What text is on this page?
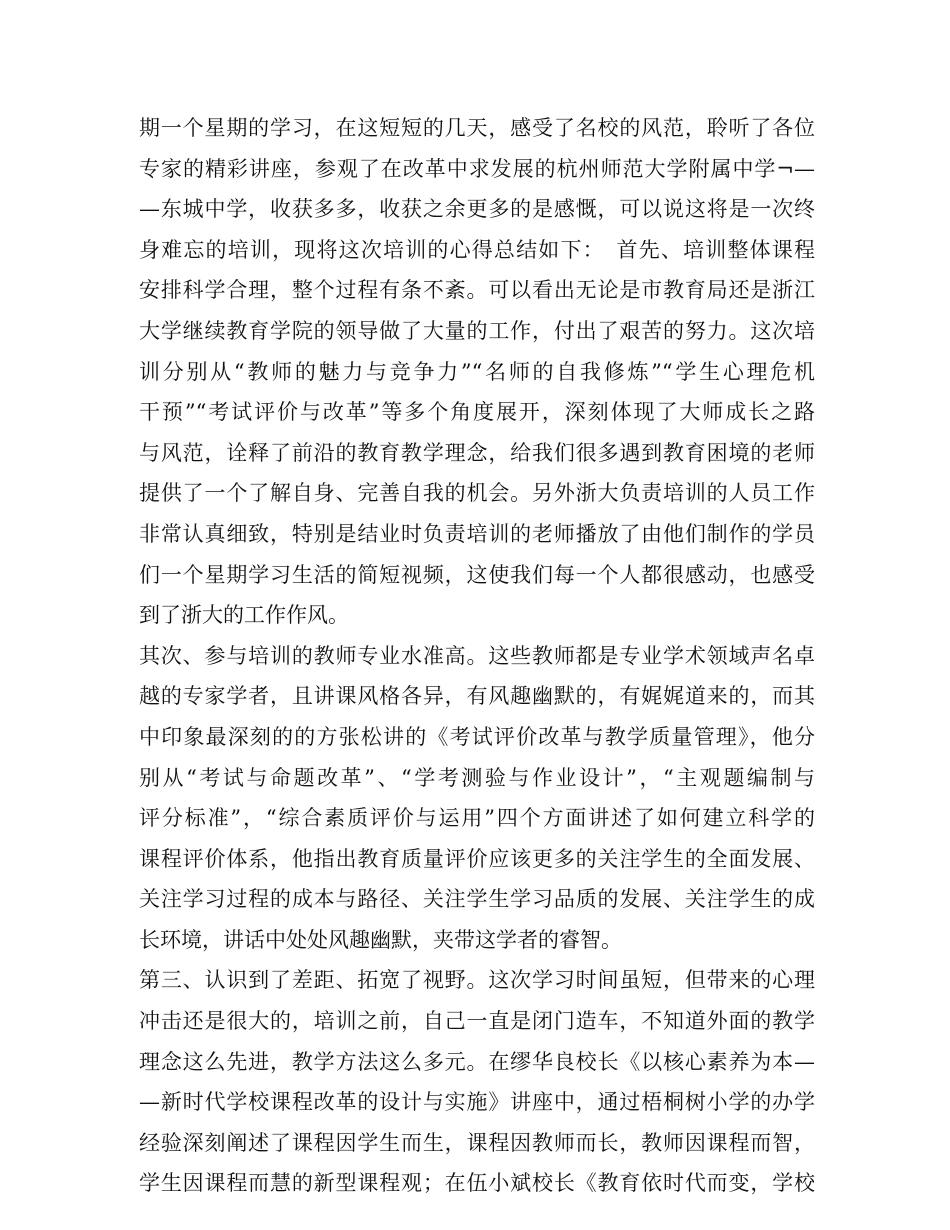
期一个星期的学习，在这短短的几天，感受了名校的风范，聆听了各位
专家的精彩讲座，参观了在改革中求发展的杭州师范大学附属中学¬—
—东城中学，收获多多，收获之余更多的是感慨，可以说这将是一次终
身难忘的培训，现将这次培训的心得总结如下：　首先、培训整体课程
安排科学合理，整个过程有条不紊。可以看出无论是市教育局还是浙江
大学继续教育学院的领导做了大量的工作，付出了艰苦的努力。这次培
训分别从“教师的魅力与竞争力”“名师的自我修炼”“学生心理危机
干预”“考试评价与改革”等多个角度展开，深刻体现了大师成长之路
与风范，诠释了前沿的教育教学理念，给我们很多遇到教育困境的老师
提供了一个了解自身、完善自我的机会。另外浙大负责培训的人员工作
非常认真细致，特别是结业时负责培训的老师播放了由他们制作的学员
们一个星期学习生活的简短视频，这使我们每一个人都很感动，也感受
到了浙大的工作作风。
其次、参与培训的教师专业水准高。这些教师都是专业学术领域声名卓
越的专家学者，且讲课风格各异，有风趣幽默的，有娓娓道来的，而其
中印象最深刻的的方张松讲的《考试评价改革与教学质量管理》，他分
别从“考试与命题改革”、“学考测验与作业设计”，“主观题编制与
评分标准”，“综合素质评价与运用”四个方面讲述了如何建立科学的
课程评价体系，他指出教育质量评价应该更多的关注学生的全面发展、
关注学习过程的成本与路径、关注学生学习品质的发展、关注学生的成
长环境，讲话中处处风趣幽默，夹带这学者的睿智。
第三、认识到了差距、拓宽了视野。这次学习时间虽短，但带来的心理
冲击还是很大的，培训之前，自己一直是闭门造车，不知道外面的教学
理念这么先进，教学方法这么多元。在缪华良校长《以核心素养为本—
—新时代学校课程改革的设计与实施》讲座中，通过梧桐树小学的办学
经验深刻阐述了课程因学生而生，课程因教师而长，教师因课程而智，
学生因课程而慧的新型课程观；在伍小斌校长《教育依时代而变，学校
